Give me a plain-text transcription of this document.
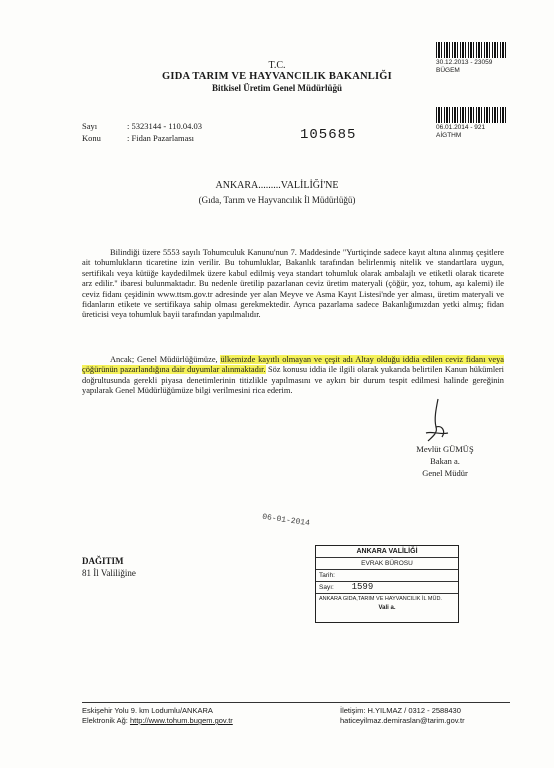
T.C.
GIDA TARIM VE HAYVANCILIK BAKANLIĞI
Bitkisel Üretim Genel Müdürlüğü
30.12.2013 - 23059
BÜGEM
06.01.2014 - 921
AİGTHM
Sayı	: 5323144 - 110.04.03
Konu	: Fidan Pazarlaması	105685
ANKARA.........VALİLİĞİ'NE
(Gıda, Tarım ve Hayvancılık İl Müdürlüğü)

Bilindiği üzere 5553 sayılı Tohumculuk Kanunu'nun 7. Maddesinde "Yurtiçinde sadece kayıt altına alınmış çeşitlere ait tohumlukların ticaretine izin verilir. Bu tohumluklar, Bakanlık tarafından belirlenmiş nitelik ve standartlara uygun, sertifikalı veya kütüğe kaydedilmek üzere kabul edilmiş veya standart tohumluk olarak ambalajlı ve etiketli olarak ticarete arz edilir." ibaresi bulunmaktadır. Bu nedenle üretilip pazarlanan ceviz üretim materyali (çöğür, yoz, tohum, aşı kalemi) ile ceviz fidanı çeşidinin www.ttsm.gov.tr adresinde yer alan Meyve ve Asma Kayıt Listesi'nde yer alması, üretim materyali ve fidanların etikete ve sertifikaya sahip olması gerekmektedir. Ayrıca pazarlama sadece Bakanlığımızdan yetki almış; fidan üreticisi veya tohumluk bayii tarafından yapılmalıdır.

Ancak; Genel Müdürlüğümüze, ülkemizde kayıtlı olmayan ve çeşit adı Altay olduğu iddia edilen ceviz fidanı veya çöğürünün pazarlandığına dair duyumlar alınmaktadır. Söz konusu iddia ile ilgili olarak yukarıda belirtilen Kanun hükümleri doğrultusunda gerekli piyasa denetimlerinin titizlikle yapılmasını ve aykırı bir durum tespit edilmesi halinde gereğinin yapılarak Genel Müdürlüğümüze bilgi verilmesini rica ederim.

Mevlüt GÜMÜŞ
Bakan a.
Genel Müdür
06-01-2014
DAĞITIM
81 İl Valiliğine
ANKARA VALİLİĞİ
EVRAK BÜROSU
Tarih:
Sayı: 1599
ANKARA GIDA,TARIM VE HAYVANCILIK İL MÜD.
Vali a.
Eskişehir Yolu 9. km Lodumlu/ANKARA
Elektronik Ağ: http://www.tohum.bugem.gov.tr
İletişim: H.YILMAZ / 0312 - 2588430
haticeyilmaz.demiraslan@tarim.gov.tr
